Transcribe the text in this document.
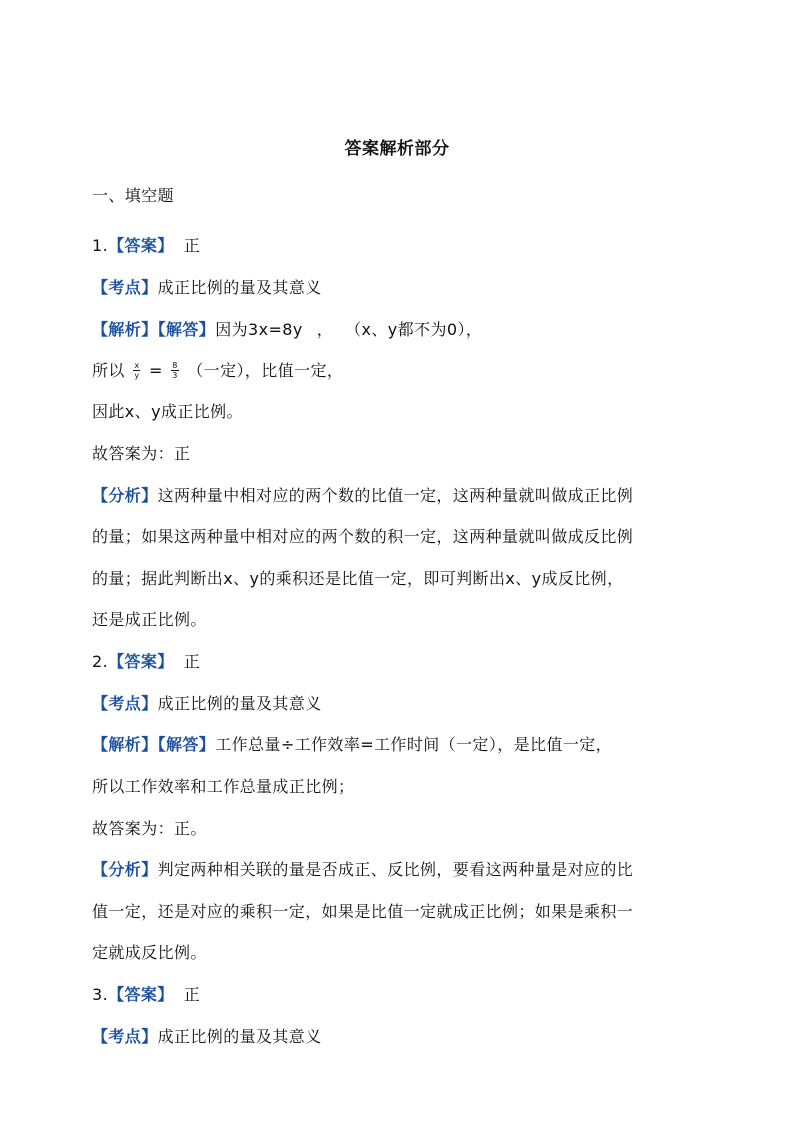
答案解析部分
一、填空题
1.【答案】 正
【考点】成正比例的量及其意义
【解析】【解答】因为3x=8y ， （x、y都不为0），
所以 $\frac{x}{y} = \frac{8}{3}$ （一定），比值一定，
因此x、y成正比例。
故答案为：正
【分析】这两种量中相对应的两个数的比值一定，这两种量就叫做成正比例
的量；如果这两种量中相对应的两个数的积一定，这两种量就叫做成反比例
的量；据此判断出x、y的乘积还是比值一定，即可判断出x、y成反比例，
还是成正比例。
2.【答案】 正
【考点】成正比例的量及其意义
【解析】【解答】工作总量÷工作效率=工作时间（一定），是比值一定，
所以工作效率和工作总量成正比例；
故答案为：正。
【分析】判定两种相关联的量是否成正、反比例，要看这两种量是对应的比
值一定，还是对应的乘积一定，如果是比值一定就成正比例；如果是乘积一
定就成反比例。
3.【答案】 正
【考点】成正比例的量及其意义
